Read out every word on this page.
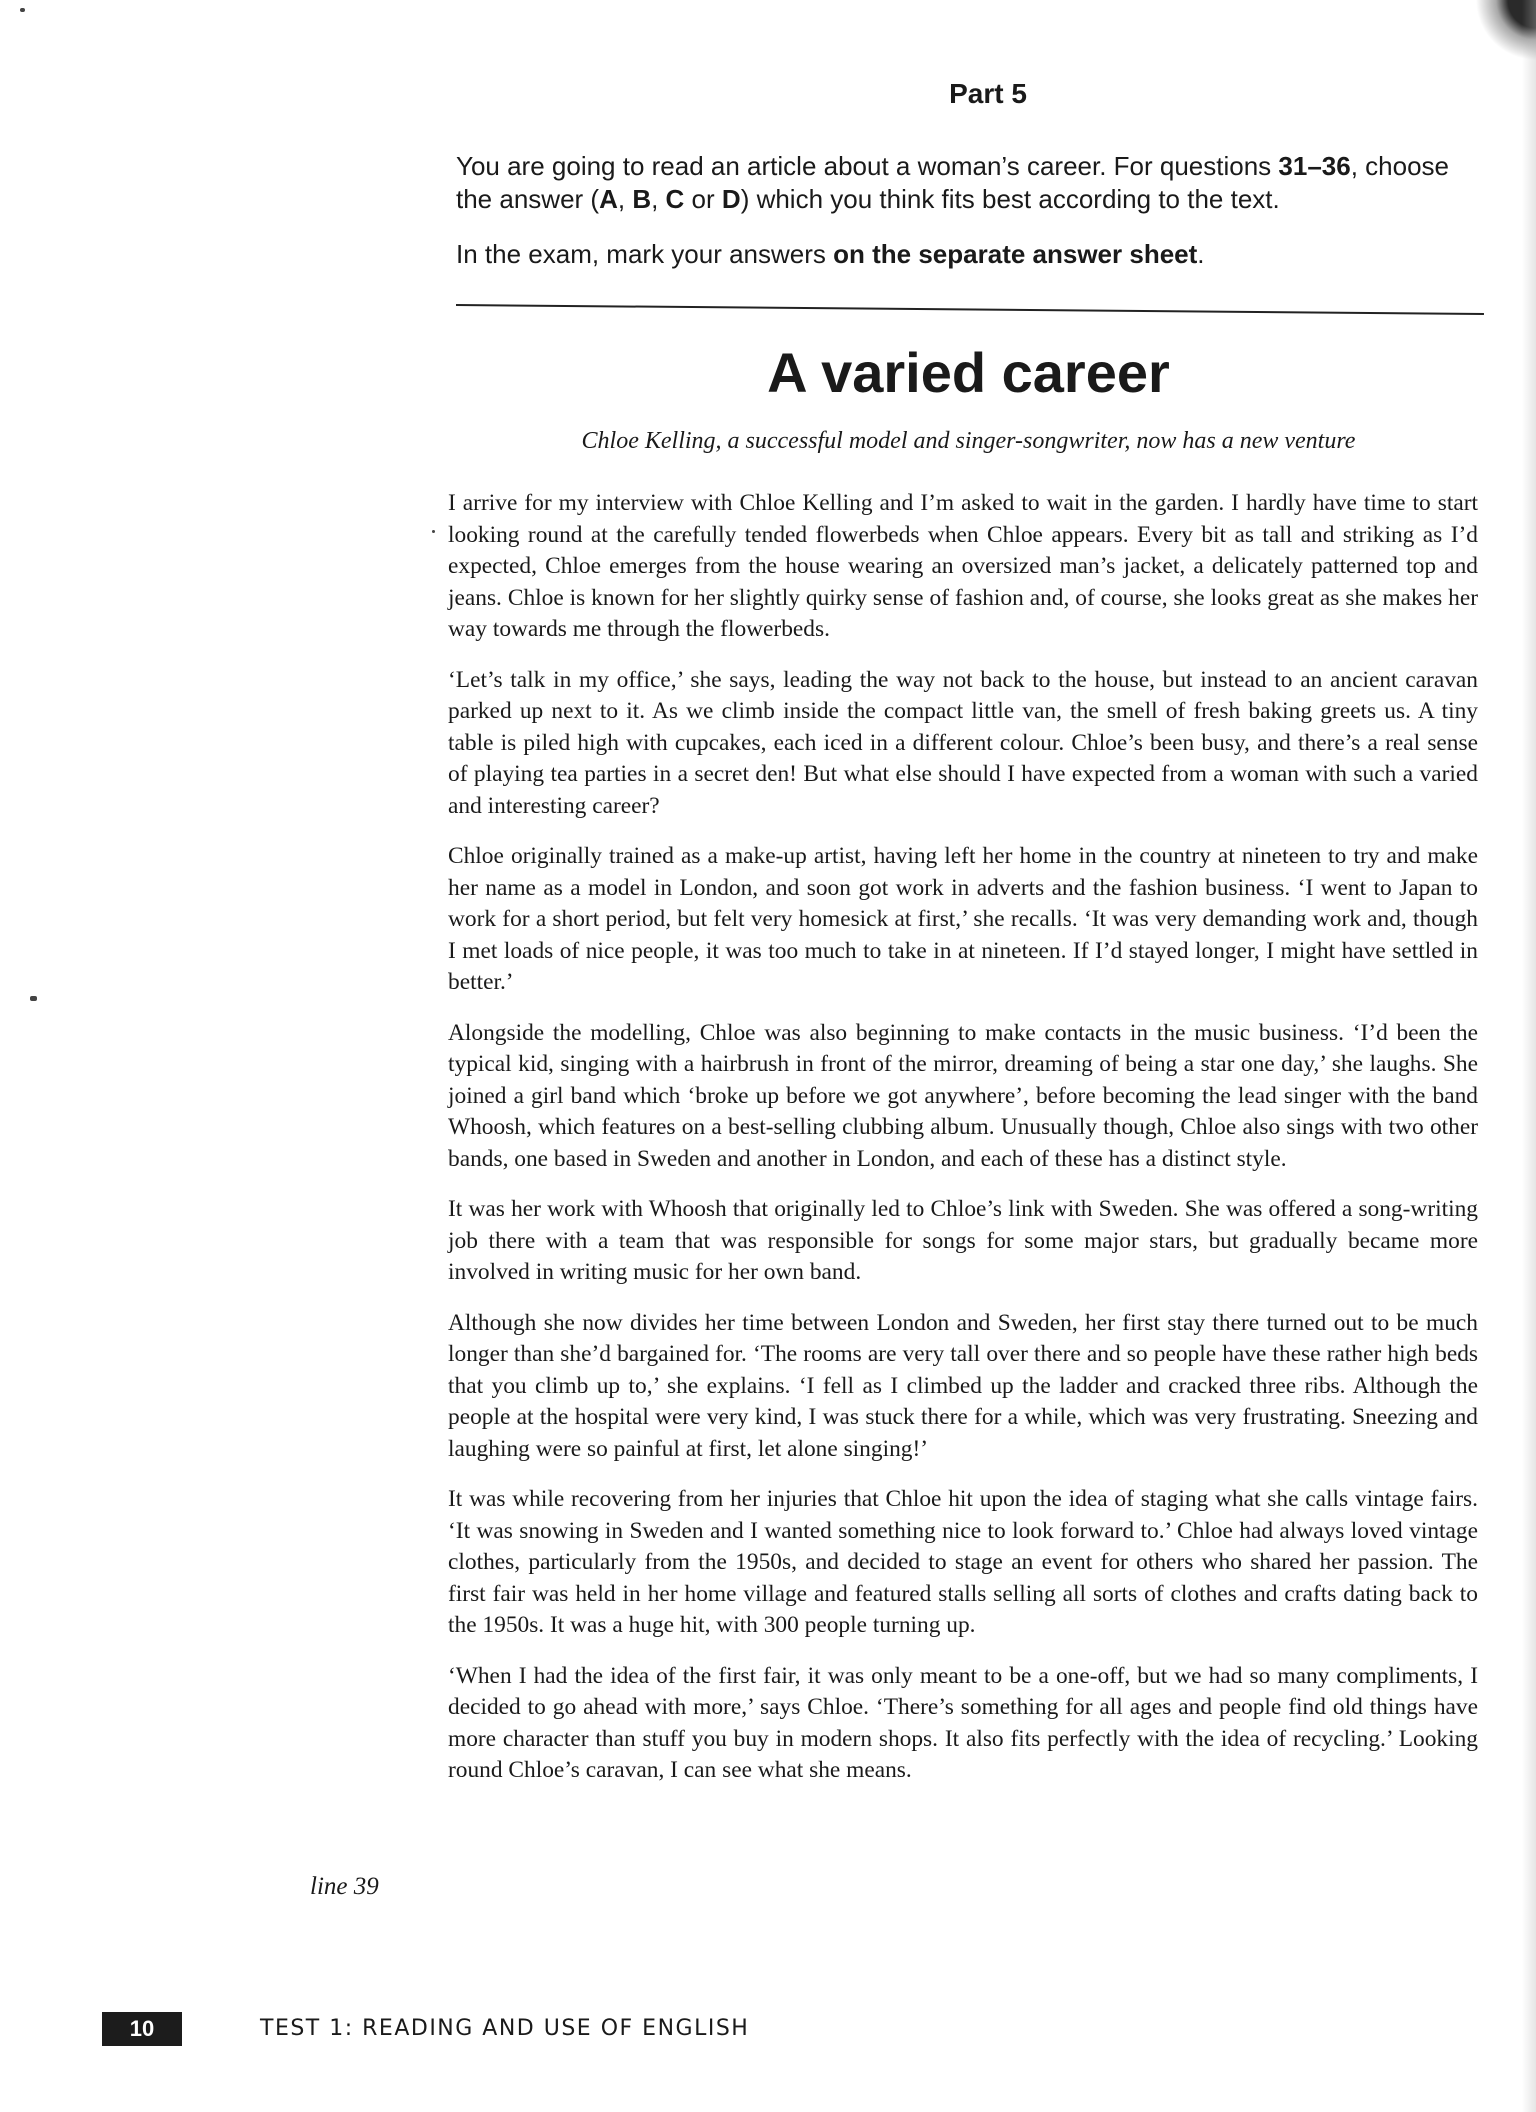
Part 5

You are going to read an article about a woman’s career. For questions 31–36, choose the answer (A, B, C or D) which you think fits best according to the text.

In the exam, mark your answers on the separate answer sheet.

A varied career
Chloe Kelling, a successful model and singer-songwriter, now has a new venture

I arrive for my interview with Chloe Kelling and I’m asked to wait in the garden. I hardly have time to start looking round at the carefully tended flowerbeds when Chloe appears. Every bit as tall and striking as I’d expected, Chloe emerges from the house wearing an oversized man’s jacket, a delicately patterned top and jeans. Chloe is known for her slightly quirky sense of fashion and, of course, she looks great as she makes her way towards me through the flowerbeds.

‘Let’s talk in my office,’ she says, leading the way not back to the house, but instead to an ancient caravan parked up next to it. As we climb inside the compact little van, the smell of fresh baking greets us. A tiny table is piled high with cupcakes, each iced in a different colour. Chloe’s been busy, and there’s a real sense of playing tea parties in a secret den! But what else should I have expected from a woman with such a varied and interesting career?

Chloe originally trained as a make-up artist, having left her home in the country at nineteen to try and make her name as a model in London, and soon got work in adverts and the fashion business. ‘I went to Japan to work for a short period, but felt very homesick at first,’ she recalls. ‘It was very demanding work and, though I met loads of nice people, it was too much to take in at nineteen. If I’d stayed longer, I might have settled in better.’

Alongside the modelling, Chloe was also beginning to make contacts in the music business. ‘I’d been the typical kid, singing with a hairbrush in front of the mirror, dreaming of being a star one day,’ she laughs. She joined a girl band which ‘broke up before we got anywhere’, before becoming the lead singer with the band Whoosh, which features on a best-selling clubbing album. Unusually though, Chloe also sings with two other bands, one based in Sweden and another in London, and each of these has a distinct style.

It was her work with Whoosh that originally led to Chloe’s link with Sweden. She was offered a song-writing job there with a team that was responsible for songs for some major stars, but gradually became more involved in writing music for her own band.

Although she now divides her time between London and Sweden, her first stay there turned out to be much longer than she’d bargained for. ‘The rooms are very tall over there and so people have these rather high beds that you climb up to,’ she explains. ‘I fell as I climbed up the ladder and cracked three ribs. Although the people at the hospital were very kind, I was stuck there for a while, which was very frustrating. Sneezing and laughing were so painful at first, let alone singing!’

It was while recovering from her injuries that Chloe hit upon the idea of staging what she calls vintage fairs. ‘It was snowing in Sweden and I wanted something nice to look forward to.’ Chloe had always loved vintage clothes, particularly from the 1950s, and decided to stage an event for others who shared her passion. The first fair was held in her home village and featured stalls selling all sorts of clothes and crafts dating back to the 1950s. It was a huge hit, with 300 people turning up.

‘When I had the idea of the first fair, it was only meant to be a one-off, but we had so many compliments, I decided to go ahead with more,’ says Chloe. ‘There’s something for all ages and people find old things have more character than stuff you buy in modern shops. It also fits perfectly with the idea of recycling.’ Looking round Chloe’s caravan, I can see what she means.

line 39
10	TEST 1: READING AND USE OF ENGLISH
